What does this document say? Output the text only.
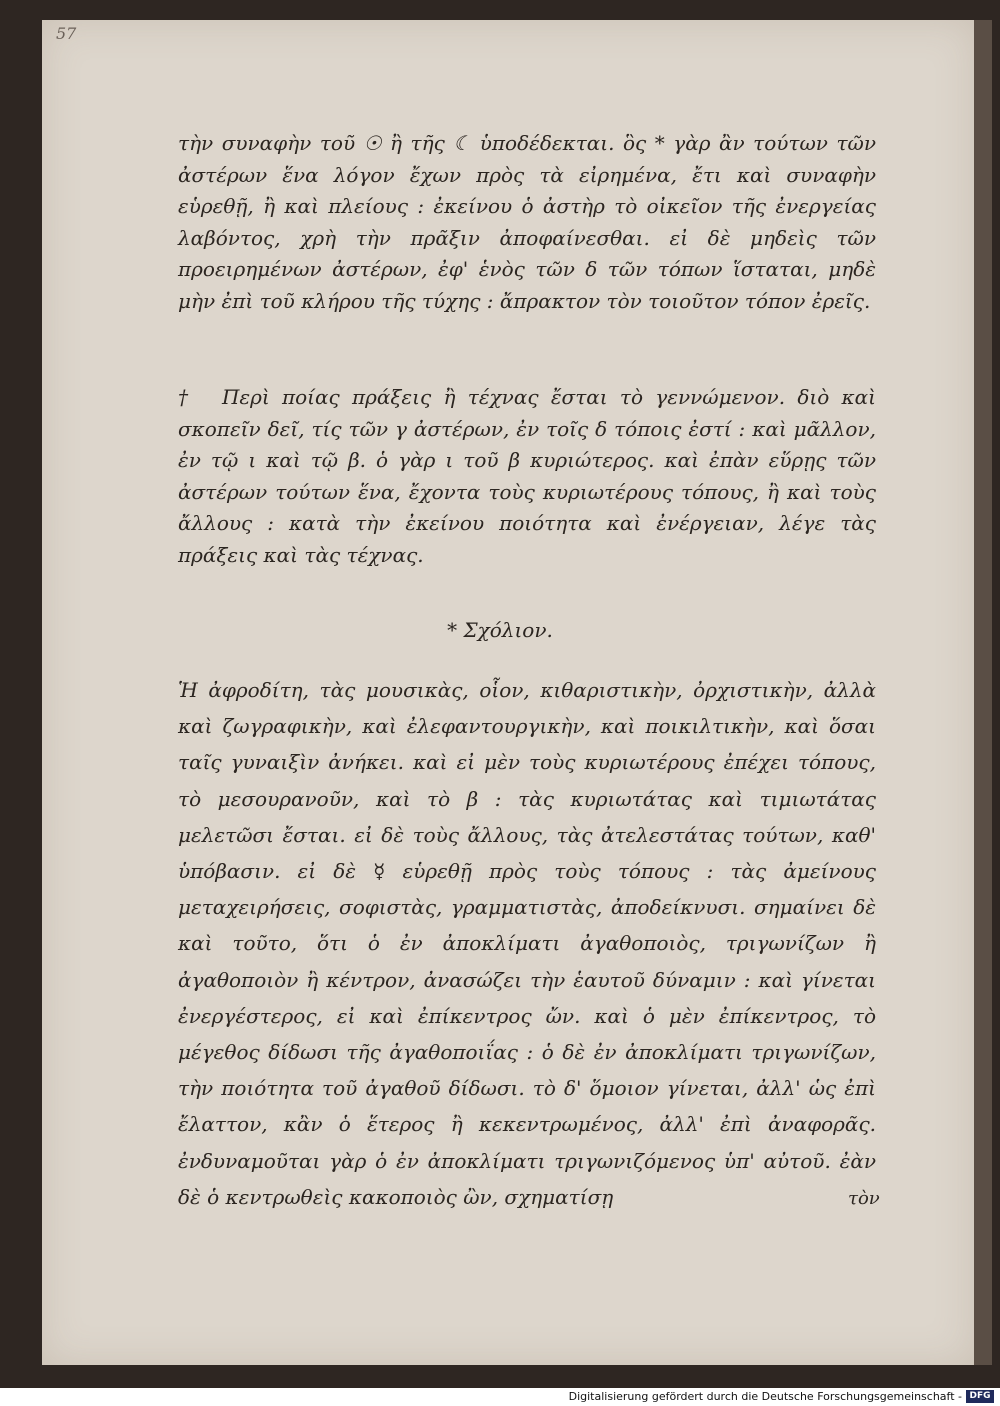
57
τὴν συναφὴν τοῦ ☉ ἢ τῆς ☾ ὑποδέδεκται. ὃς * γὰρ ἂν τούτων τῶν ἀστέρων ἕνα λόγον ἔχων πρὸς τὰ εἰρημένα, ἔτι καὶ συναφὴν εὑρεθῇ, ἢ καὶ πλείους : ἐκείνου ὁ ἀστὴρ τὸ οἰκεῖον τῆς ἐνεργείας λαβόντος, χρὴ τὴν πρᾶξιν ἀποφαίνεσθαι. εἰ δὲ μηδεὶς τῶν προειρημένων ἀστέρων, ἐφ' ἑνὸς τῶν δ τῶν τόπων ἵσταται, μηδὲ μὴν ἐπὶ τοῦ κλήρου τῆς τύχης : ἄπρακτον τὸν τοιοῦτον τόπον ἐρεῖς.
† Περὶ ποίας πράξεις ἢ τέχνας ἔσται τὸ γεννώμενον. διὸ καὶ σκοπεῖν δεῖ, τίς τῶν γ ἀστέρων, ἐν τοῖς δ τόποις ἐστί : καὶ μᾶλλον, ἐν τῷ ι καὶ τῷ β. ὁ γὰρ ι τοῦ β κυριώτερος. καὶ ἐπὰν εὕρῃς τῶν ἀστέρων τούτων ἕνα, ἔχοντα τοὺς κυριωτέρους τόπους, ἢ καὶ τοὺς ἄλλους : κατὰ τὴν ἐκείνου ποιότητα καὶ ἐνέργειαν, λέγε τὰς πράξεις καὶ τὰς τέχνας.
* Σχόλιον.
Ἡ ἀφροδίτη, τὰς μουσικὰς, οἷον, κιθαριστικὴν, ὀρχιστικὴν, ἀλλὰ καὶ ζωγραφικὴν, καὶ ἐλεφαντουργικὴν, καὶ ποικιλτικὴν, καὶ ὅσαι ταῖς γυναιξὶν ἀνήκει. καὶ εἰ μὲν τοὺς κυριωτέρους ἐπέχει τόπους, τὸ μεσουρανοῦν, καὶ τὸ β : τὰς κυριωτάτας καὶ τιμιωτάτας μελετῶσι ἔσται. εἰ δὲ τοὺς ἄλλους, τὰς ἀτελεστάτας τούτων, καθ' ὑπόβασιν. εἰ δὲ ☿ εὑρεθῇ πρὸς τοὺς τόπους : τὰς ἀμείνους μεταχειρήσεις, σοφιστὰς, γραμματιστὰς, ἀποδείκνυσι. σημαίνει δὲ καὶ τοῦτο, ὅτι ὁ ἐν ἀποκλίματι ἀγαθοποιὸς, τριγωνίζων ἢ ἀγαθοποιὸν ἢ κέντρον, ἀνασώζει τὴν ἑαυτοῦ δύναμιν : καὶ γίνεται ἐνεργέστερος, εἰ καὶ ἐπίκεντρος ὤν. καὶ ὁ μὲν ἐπίκεντρος, τὸ μέγεθος δίδωσι τῆς ἀγαθοποιΐας : ὁ δὲ ἐν ἀποκλίματι τριγωνίζων, τὴν ποιότητα τοῦ ἀγαθοῦ δίδωσι. τὸ δ' ὅμοιον γίνεται, ἀλλ' ὡς ἐπὶ ἔλαττον, κἂν ὁ ἕτερος ἢ κεκεντρωμένος, ἀλλ' ἐπὶ ἀναφορᾶς. ἐνδυναμοῦται γὰρ ὁ ἐν ἀποκλίματι τριγωνιζόμενος ὑπ' αὐτοῦ. ἐὰν δὲ ὁ κεντρωθεὶς κακοποιὸς ὢν, σχηματίσῃ	τὸν
Digitalisierung gefördert durch die Deutsche Forschungsgemeinschaft - DFG
